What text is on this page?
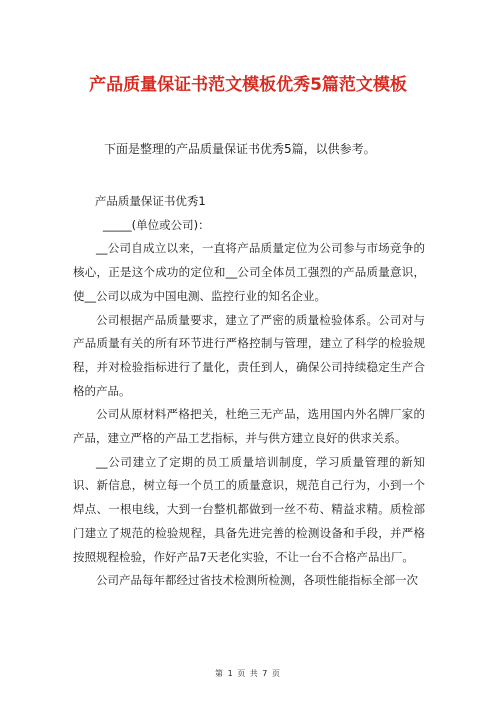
产品质量保证书范文模板优秀5篇范文模板
下面是整理的产品质量保证书优秀5篇，以供参考。

产品质量保证书优秀1

_____(单位或公司)：

__公司自成立以来，一直将产品质量定位为公司参与市场竞争的核心，正是这个成功的定位和__公司全体员工强烈的产品质量意识，使__公司以成为中国电测、监控行业的知名企业。

公司根据产品质量要求，建立了严密的质量检验体系。公司对与产品质量有关的所有环节进行严格控制与管理，建立了科学的检验规程，并对检验指标进行了量化，责任到人，确保公司持续稳定生产合格的产品。

公司从原材料严格把关，杜绝三无产品，选用国内外名牌厂家的产品，建立严格的产品工艺指标，并与供方建立良好的供求关系。

__公司建立了定期的员工质量培训制度，学习质量管理的新知识、新信息，树立每一个员工的质量意识，规范自己行为，小到一个焊点、一根电线，大到一台整机都做到一丝不苟、精益求精。质检部门建立了规范的检验规程，具备先进完善的检测设备和手段，并严格按照规程检验，作好产品7天老化实验，不让一台不合格产品出厂。

公司产品每年都经过省技术检测所检测，各项性能指标全部一次

第 1 页 共 7 页
